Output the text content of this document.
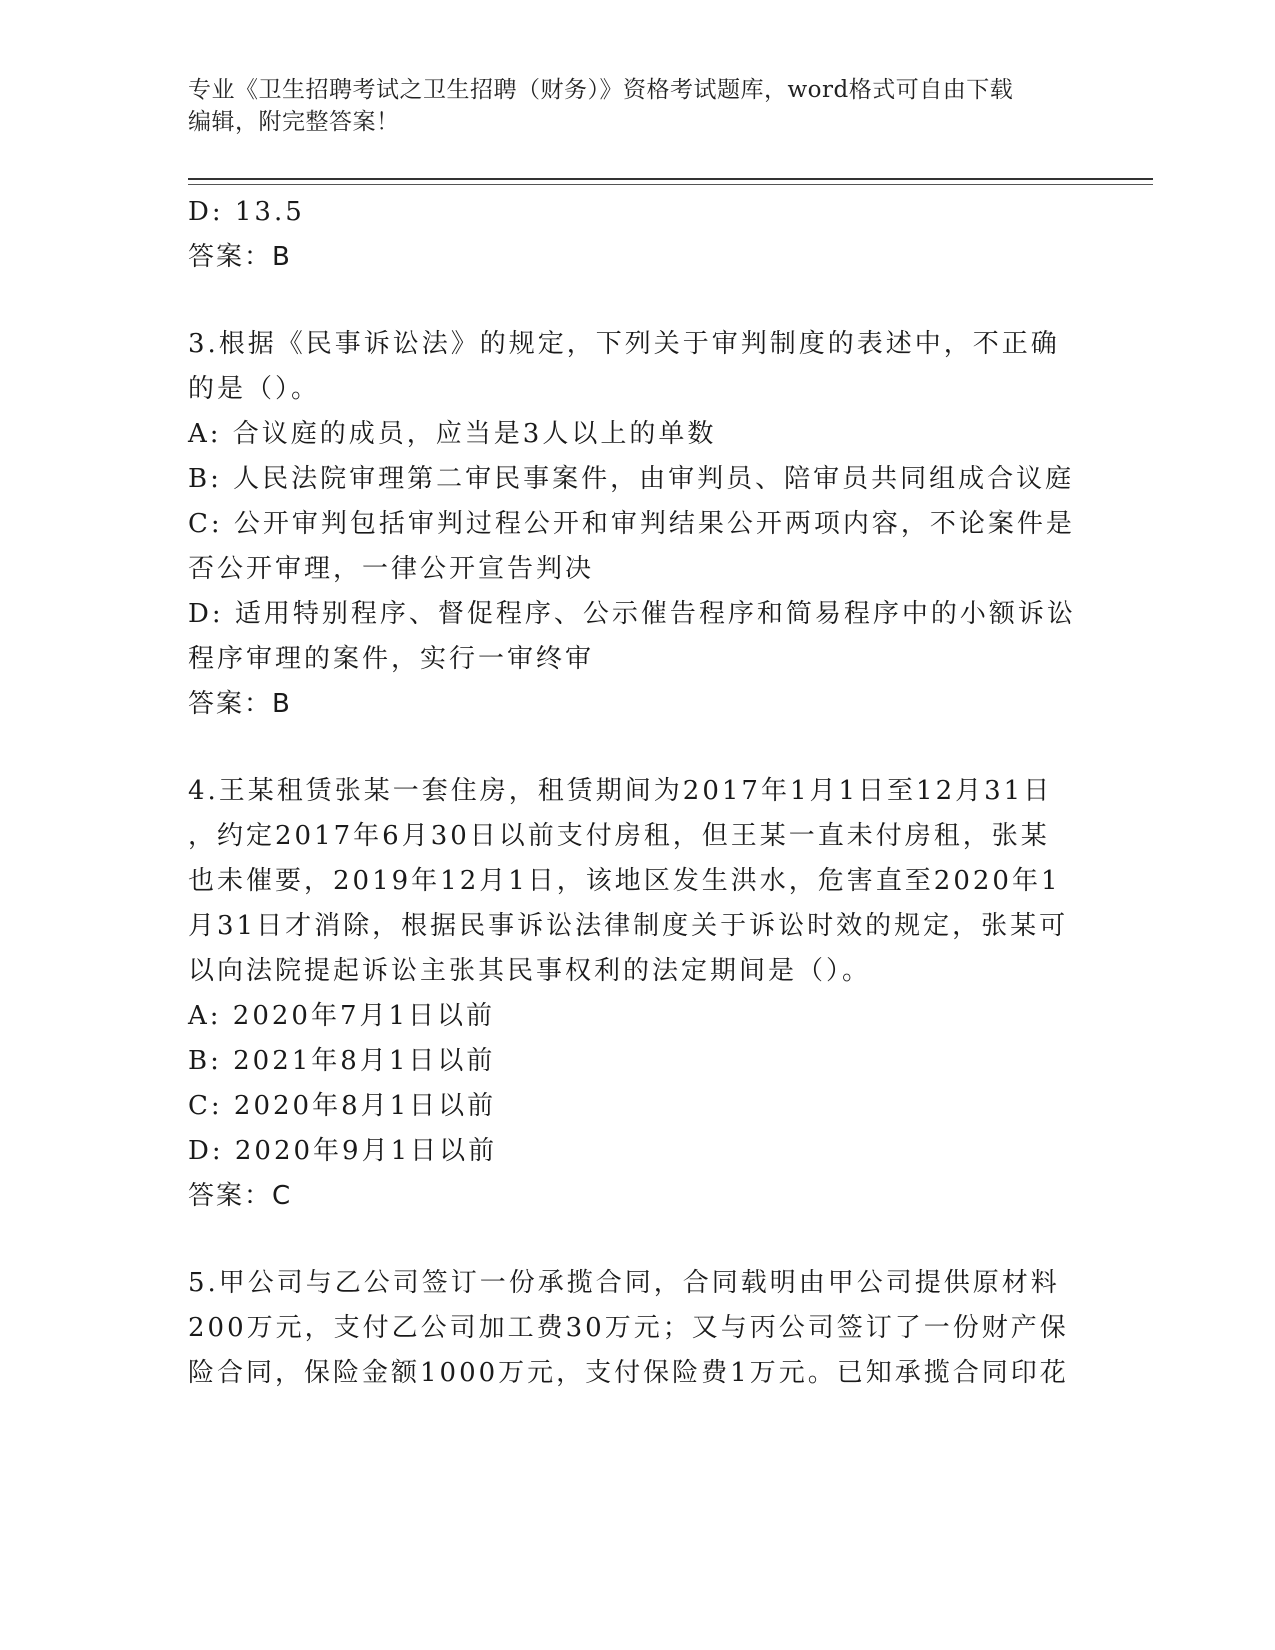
专业《卫生招聘考试之卫生招聘（财务）》资格考试题库，word格式可自由下载
编辑，附完整答案！
D: 13.5
答案：B
3.根据《民事诉讼法》的规定，下列关于审判制度的表述中，不正确
的是（）。
A: 合议庭的成员，应当是3人以上的单数
B: 人民法院审理第二审民事案件，由审判员、陪审员共同组成合议庭
C: 公开审判包括审判过程公开和审判结果公开两项内容，不论案件是
否公开审理，一律公开宣告判决
D: 适用特别程序、督促程序、公示催告程序和简易程序中的小额诉讼
程序审理的案件，实行一审终审
答案：B
4.王某租赁张某一套住房，租赁期间为2017年1月1日至12月31日
，约定2017年6月30日以前支付房租，但王某一直未付房租，张某
也未催要，2019年12月1日，该地区发生洪水，危害直至2020年1
月31日才消除，根据民事诉讼法律制度关于诉讼时效的规定，张某可
以向法院提起诉讼主张其民事权利的法定期间是（）。
A: 2020年7月1日以前
B: 2021年8月1日以前
C: 2020年8月1日以前
D: 2020年9月1日以前
答案：C
5.甲公司与乙公司签订一份承揽合同，合同载明由甲公司提供原材料
200万元，支付乙公司加工费30万元；又与丙公司签订了一份财产保
险合同，保险金额1000万元，支付保险费1万元。已知承揽合同印花
